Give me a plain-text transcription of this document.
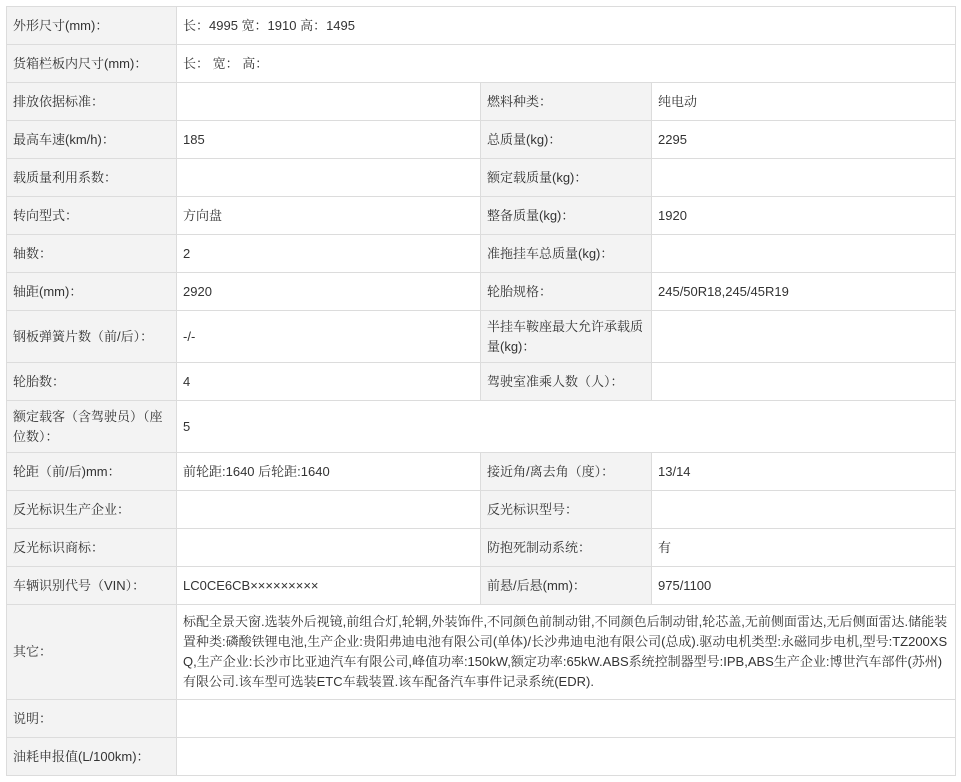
外形尺寸(mm)：	长：4995 宽：1910 高：1495		
货箱栏板内尺寸(mm)：	长： 宽： 高：		
排放依据标准：		燃料种类：	纯电动
最高车速(km/h)：	185	总质量(kg)：	2295
载质量利用系数：		额定载质量(kg)：	
转向型式：	方向盘	整备质量(kg)：	1920
轴数：	2	准拖挂车总质量(kg)：	
轴距(mm)：	2920	轮胎规格：	245/50R18,245/45R19
钢板弹簧片数（前/后）：	-/-	半挂车鞍座最大允许承载质量(kg)：	
轮胎数：	4	驾驶室准乘人数（人）：	
额定载客（含驾驶员）（座位数）：	5		
轮距（前/后)mm：	前轮距:1640 后轮距:1640	接近角/离去角（度）：	13/14
反光标识生产企业：		反光标识型号：	
反光标识商标：		防抱死制动系统：	有
车辆识别代号（VIN）：	LC0CE6CB×××××××××	前悬/后悬(mm)：	975/1100
其它：	标配全景天窗.选装外后视镜,前组合灯,轮辋,外装饰件,不同颜色前制动钳,不同颜色后制动钳,轮芯盖,无前侧面雷达,无后侧面雷达.储能装置种类:磷酸铁锂电池,生产企业:贵阳弗迪电池有限公司(单体)/长沙弗迪电池有限公司(总成).驱动电机类型:永磁同步电机,型号:TZ200XSQ,生产企业:长沙市比亚迪汽车有限公司,峰值功率:150kW,额定功率:65kW.ABS系统控制器型号:IPB,ABS生产企业:博世汽车部件(苏州)有限公司.该车型可选装ETC车载装置.该车配备汽车事件记录系统(EDR).		
说明：			
油耗申报值(L/100km)：			
